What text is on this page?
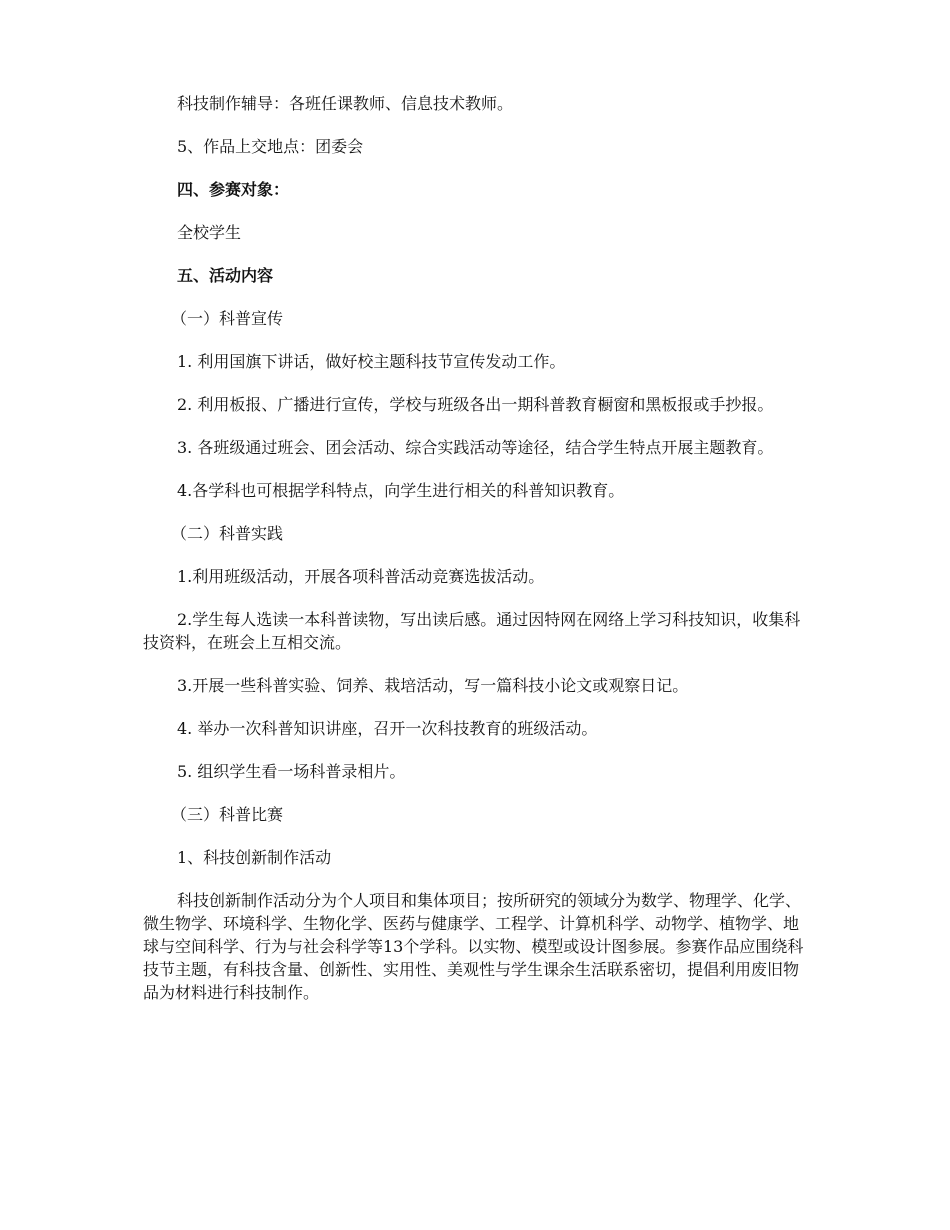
科技制作辅导：各班任课教师、信息技术教师。

5、作品上交地点：团委会

四、参赛对象：

全校学生

五、活动内容

（一）科普宣传

1. 利用国旗下讲话，做好校主题科技节宣传发动工作。

2. 利用板报、广播进行宣传，学校与班级各出一期科普教育橱窗和黑板报或手抄报。

3. 各班级通过班会、团会活动、综合实践活动等途径，结合学生特点开展主题教育。

4.各学科也可根据学科特点，向学生进行相关的科普知识教育。

（二）科普实践

1.利用班级活动，开展各项科普活动竞赛选拔活动。

2.学生每人选读一本科普读物，写出读后感。通过因特网在网络上学习科技知识，收集科技资料，在班会上互相交流。

3.开展一些科普实验、饲养、栽培活动，写一篇科技小论文或观察日记。

4. 举办一次科普知识讲座，召开一次科技教育的班级活动。

5. 组织学生看一场科普录相片。

（三）科普比赛

1、科技创新制作活动

科技创新制作活动分为个人项目和集体项目；按所研究的领域分为数学、物理学、化学、微生物学、环境科学、生物化学、医药与健康学、工程学、计算机科学、动物学、植物学、地球与空间科学、行为与社会科学等13个学科。以实物、模型或设计图参展。参赛作品应围绕科技节主题，有科技含量、创新性、实用性、美观性与学生课余生活联系密切，提倡利用废旧物品为材料进行科技制作。
